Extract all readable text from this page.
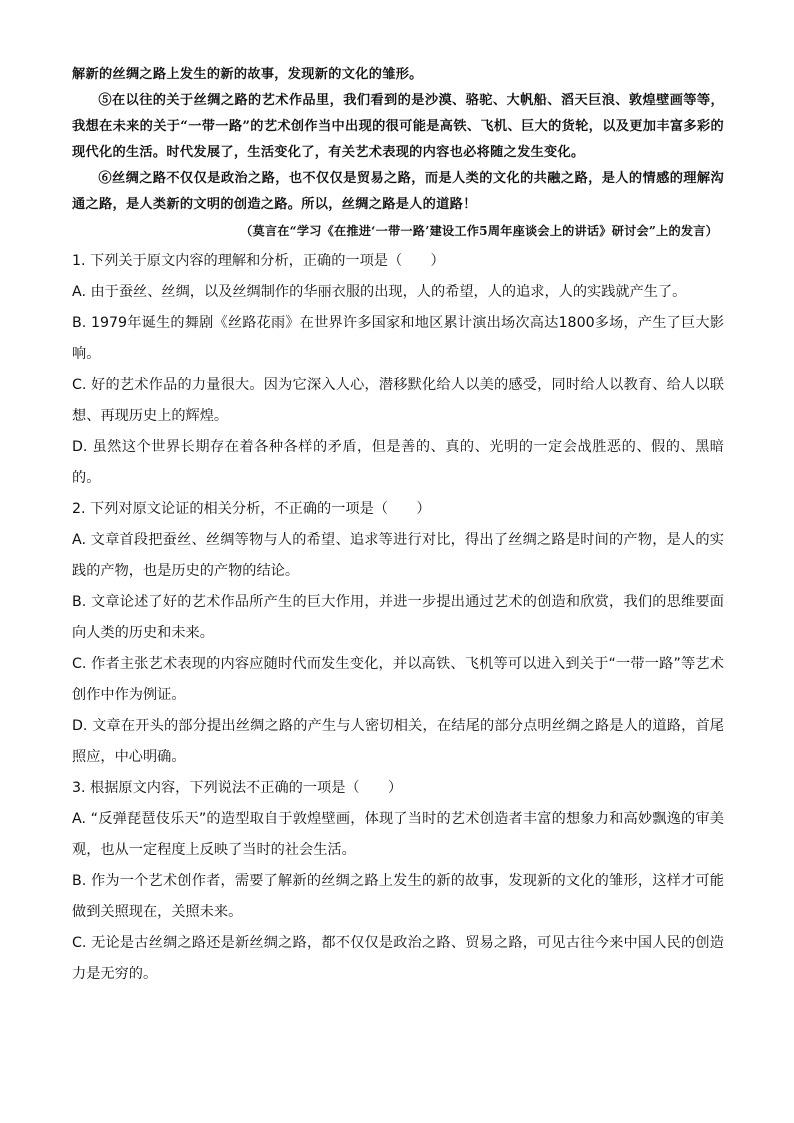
解新的丝绸之路上发生的新的故事，发现新的文化的雏形。

⑤在以往的关于丝绸之路的艺术作品里，我们看到的是沙漠、骆驼、大帆船、滔天巨浪、敦煌壁画等等，我想在未来的关于“一带一路”的艺术创作当中出现的很可能是高铁、飞机、巨大的货轮，以及更加丰富多彩的现代化的生活。时代发展了，生活变化了，有关艺术表现的内容也必将随之发生变化。

⑥丝绸之路不仅仅是政治之路，也不仅仅是贸易之路，而是人类的文化的共融之路，是人的情感的理解沟通之路，是人类新的文明的创造之路。所以，丝绸之路是人的道路！

（莫言在“学习《在推进‘一带一路’建设工作5周年座谈会上的讲话》研讨会”上的发言）

1. 下列关于原文内容的理解和分析，正确的一项是（　　）

A. 由于蚕丝、丝绸，以及丝绸制作的华丽衣服的出现，人的希望，人的追求，人的实践就产生了。

B. 1979年诞生的舞剧《丝路花雨》在世界许多国家和地区累计演出场次高达1800多场，产生了巨大影响。

C. 好的艺术作品的力量很大。因为它深入人心，潜移默化给人以美的感受，同时给人以教育、给人以联想、再现历史上的辉煌。

D. 虽然这个世界长期存在着各种各样的矛盾，但是善的、真的、光明的一定会战胜恶的、假的、黑暗的。

2. 下列对原文论证的相关分析，不正确的一项是（　　）

A. 文章首段把蚕丝、丝绸等物与人的希望、追求等进行对比，得出了丝绸之路是时间的产物，是人的实践的产物，也是历史的产物的结论。

B. 文章论述了好的艺术作品所产生的巨大作用，并进一步提出通过艺术的创造和欣赏，我们的思维要面向人类的历史和未来。

C. 作者主张艺术表现的内容应随时代而发生变化，并以高铁、飞机等可以进入到关于“一带一路”等艺术创作中作为例证。

D. 文章在开头的部分提出丝绸之路的产生与人密切相关，在结尾的部分点明丝绸之路是人的道路，首尾照应，中心明确。

3. 根据原文内容，下列说法不正确的一项是（　　）

A. “反弹琵琶伎乐天”的造型取自于敦煌壁画，体现了当时的艺术创造者丰富的想象力和高妙飘逸的审美观，也从一定程度上反映了当时的社会生活。

B. 作为一个艺术创作者，需要了解新的丝绸之路上发生的新的故事，发现新的文化的雏形，这样才可能做到关照现在，关照未来。

C. 无论是古丝绸之路还是新丝绸之路，都不仅仅是政治之路、贸易之路，可见古往今来中国人民的创造力是无穷的。
